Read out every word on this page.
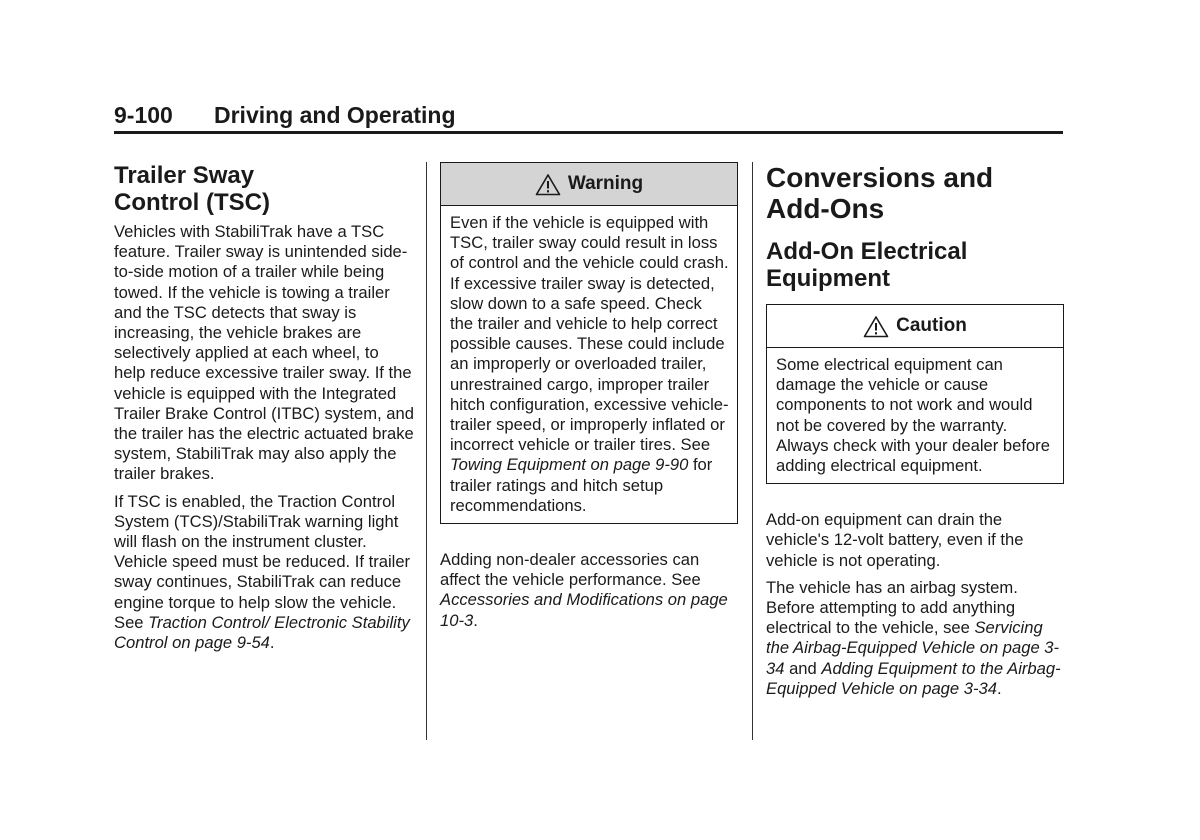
9-100 Driving and Operating
Trailer Sway
Control (TSC)

Vehicles with StabiliTrak have a TSC feature. Trailer sway is unintended side-to-side motion of a trailer while being towed. If the vehicle is towing a trailer and the TSC detects that sway is increasing, the vehicle brakes are selectively applied at each wheel, to help reduce excessive trailer sway. If the vehicle is equipped with the Integrated Trailer Brake Control (ITBC) system, and the trailer has the electric actuated brake system, StabiliTrak may also apply the trailer brakes.

If TSC is enabled, the Traction Control System (TCS)/StabiliTrak warning light will flash on the instrument cluster. Vehicle speed must be reduced. If trailer sway continues, StabiliTrak can reduce engine torque to help slow the vehicle. See Traction Control/ Electronic Stability Control on page 9-54.

Warning
Even if the vehicle is equipped with TSC, trailer sway could result in loss of control and the vehicle could crash. If excessive trailer sway is detected, slow down to a safe speed. Check the trailer and vehicle to help correct possible causes. These could include an improperly or overloaded trailer, unrestrained cargo, improper trailer hitch configuration, excessive vehicle-trailer speed, or improperly inflated or incorrect vehicle or trailer tires. See Towing Equipment on page 9-90 for trailer ratings and hitch setup recommendations.

Adding non-dealer accessories can affect the vehicle performance. See Accessories and Modifications on page 10-3.

Conversions and
Add-Ons
Add-On Electrical
Equipment
Caution
Some electrical equipment can damage the vehicle or cause components to not work and would not be covered by the warranty. Always check with your dealer before adding electrical equipment.

Add-on equipment can drain the vehicle's 12-volt battery, even if the vehicle is not operating.

The vehicle has an airbag system. Before attempting to add anything electrical to the vehicle, see Servicing the Airbag-Equipped Vehicle on page 3-34 and Adding Equipment to the Airbag-Equipped Vehicle on page 3-34.
